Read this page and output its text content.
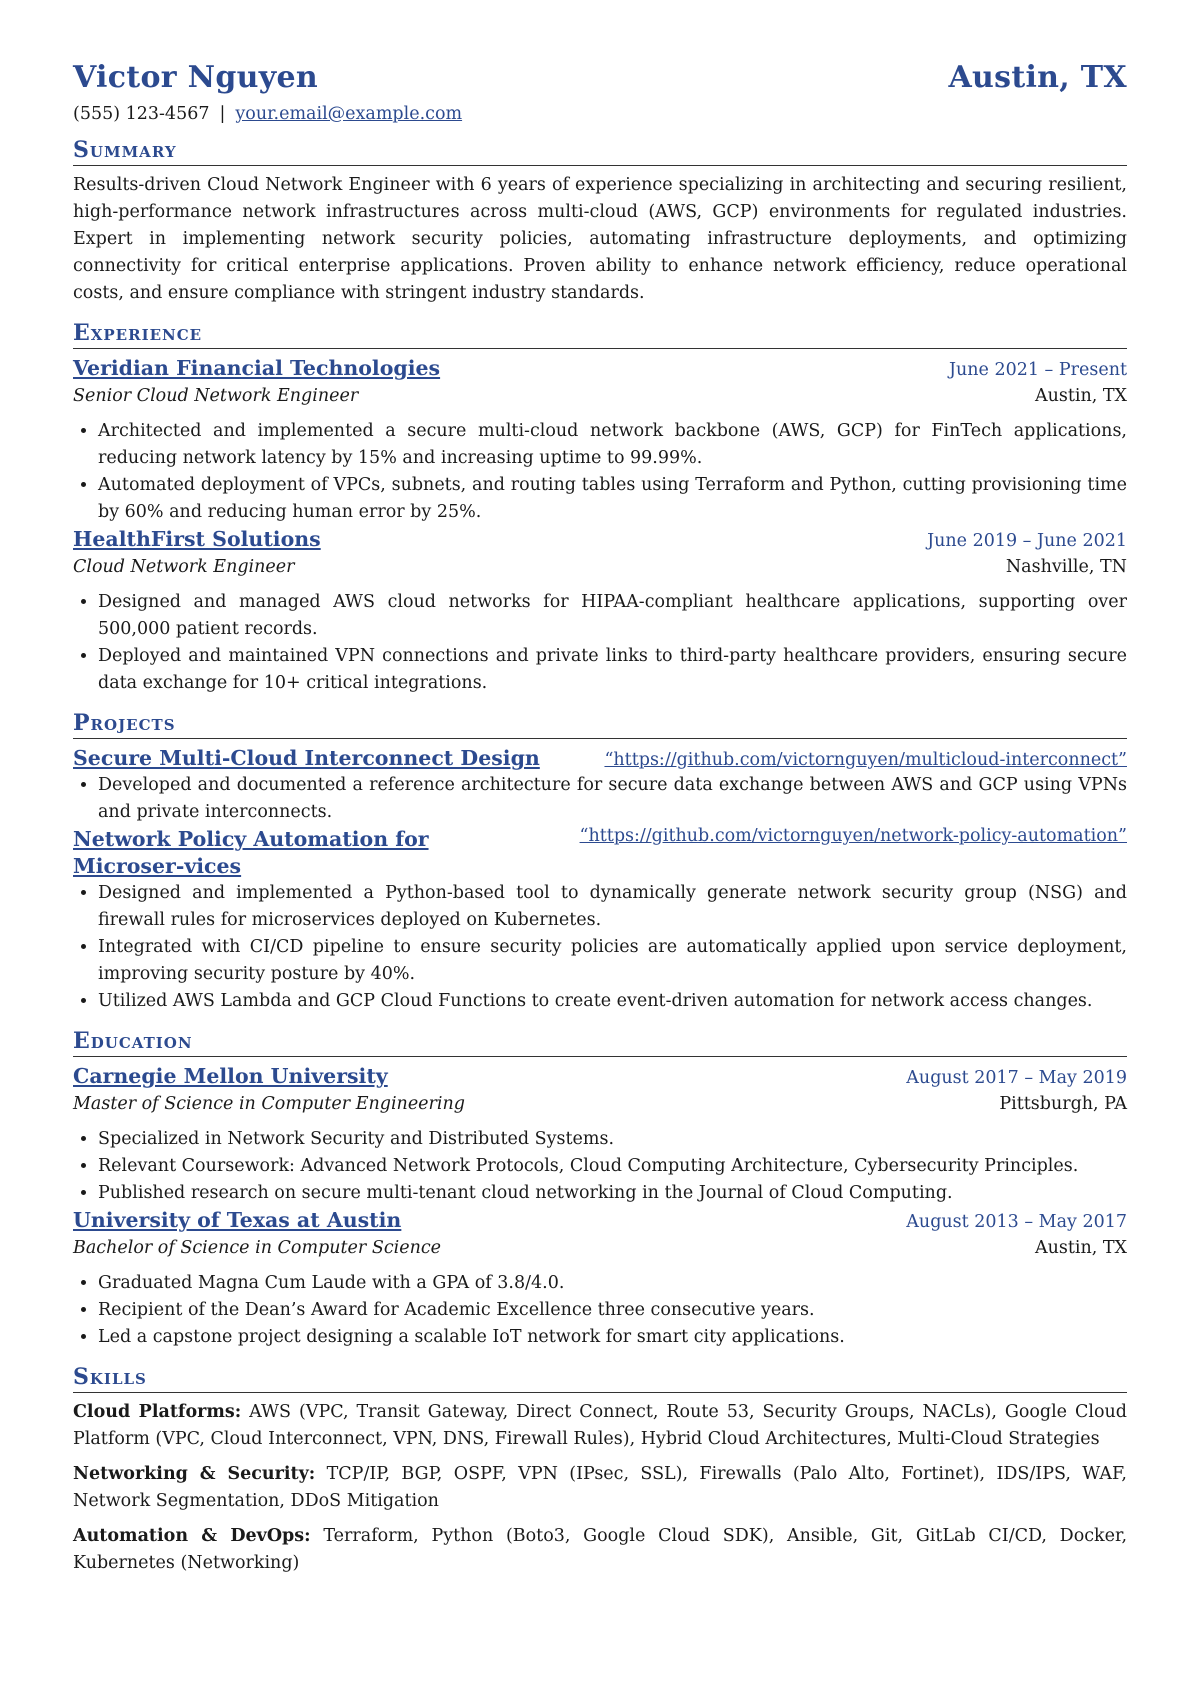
Victor Nguyen	Austin, TX
(555) 123-4567 | your.email@example.com
Summary
Results-driven Cloud Network Engineer with 6 years of experience specializing in architecting and securing resilient, high-performance network infrastructures across multi-cloud (AWS, GCP) environments for regulated industries. Expert in implementing network security policies, automating infrastructure deployments, and optimizing connectivity for critical enterprise applications. Proven ability to enhance network efficiency, reduce operational costs, and ensure compliance with stringent industry standards.
Experience
Veridian Financial Technologies	June 2021 – Present
Senior Cloud Network Engineer	Austin, TX
• Architected and implemented a secure multi-cloud network backbone (AWS, GCP) for FinTech applications, reducing network latency by 15% and increasing uptime to 99.99%.
• Automated deployment of VPCs, subnets, and routing tables using Terraform and Python, cutting provisioning time by 60% and reducing human error by 25%.
HealthFirst Solutions	June 2019 – June 2021
Cloud Network Engineer	Nashville, TN
• Designed and managed AWS cloud networks for HIPAA-compliant healthcare applications, supporting over 500,000 patient records.
• Deployed and maintained VPN connections and private links to third-party healthcare providers, ensuring secure data exchange for 10+ critical integrations.
Projects
Secure Multi-Cloud Interconnect Design	“https://github.com/victornguyen/multicloud-interconnect”
• Developed and documented a reference architecture for secure data exchange between AWS and GCP using VPNs and private interconnects.
Network Policy Automation for Microser-vices
“https://github.com/victornguyen/network-policy-automation”
• Designed and implemented a Python-based tool to dynamically generate network security group (NSG) and firewall rules for microservices deployed on Kubernetes.
• Integrated with CI/CD pipeline to ensure security policies are automatically applied upon service deployment, improving security posture by 40%.
• Utilized AWS Lambda and GCP Cloud Functions to create event-driven automation for network access changes.
Education
Carnegie Mellon University	August 2017 – May 2019
Master of Science in Computer Engineering	Pittsburgh, PA
• Specialized in Network Security and Distributed Systems.
• Relevant Coursework: Advanced Network Protocols, Cloud Computing Architecture, Cybersecurity Principles.
• Published research on secure multi-tenant cloud networking in the Journal of Cloud Computing.
University of Texas at Austin	August 2013 – May 2017
Bachelor of Science in Computer Science	Austin, TX
• Graduated Magna Cum Laude with a GPA of 3.8/4.0.
• Recipient of the Dean’s Award for Academic Excellence three consecutive years.
• Led a capstone project designing a scalable IoT network for smart city applications.
Skills
Cloud Platforms: AWS (VPC, Transit Gateway, Direct Connect, Route 53, Security Groups, NACLs), Google Cloud Platform (VPC, Cloud Interconnect, VPN, DNS, Firewall Rules), Hybrid Cloud Architectures, Multi-Cloud Strategies
Networking & Security: TCP/IP, BGP, OSPF, VPN (IPsec, SSL), Firewalls (Palo Alto, Fortinet), IDS/IPS, WAF, Network Segmentation, DDoS Mitigation
Automation & DevOps: Terraform, Python (Boto3, Google Cloud SDK), Ansible, Git, GitLab CI/CD, Docker, Kubernetes (Networking)
